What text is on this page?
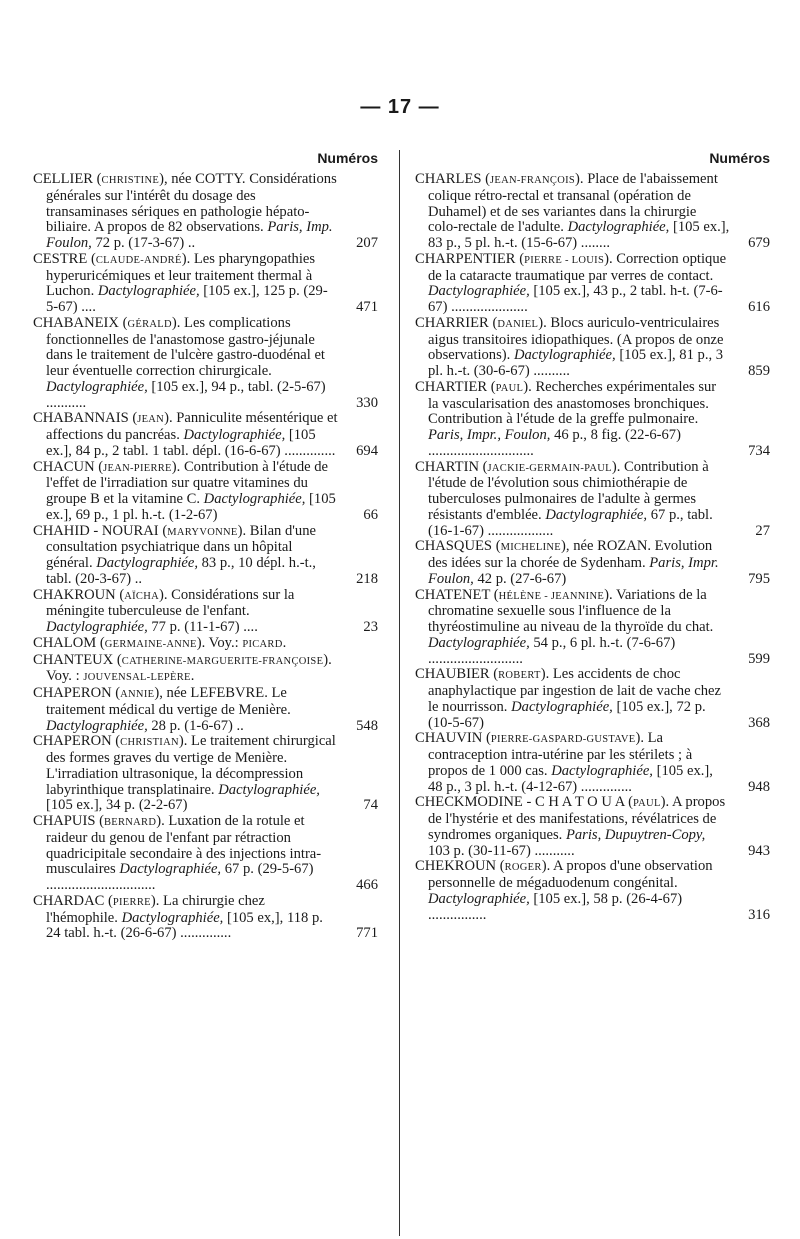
— 17 —
Numéros
CELLIER (CHRISTINE), née COTTY. Considérations générales sur l'intérêt du dosage des transaminases sériques en pathologie hépato-biliaire. A propos de 82 observations. Paris, Imp. Foulon, 72 p. (17-3-67) ..	207
CESTRE (CLAUDE-ANDRÉ). Les pharyngopathies hyperuricémiques et leur traitement thermal à Luchon. Dactylographiée, [105 ex.], 125 p. (29-5-67) ....	471
CHABANEIX (GÉRALD). Les complications fonctionnelles de l'anastomose gastro-jéjunale dans le traitement de l'ulcère gastro-duodénal et leur éventuelle correction chirurgicale. Dactylographiée, [105 ex.], 94 p., tabl. (2-5-67) ...........	330
CHABANNAIS (JEAN). Panniculite mésentérique et affections du pancréas. Dactylographiée, [105 ex.], 84 p., 2 tabl. 1 tabl. dépl. (16-6-67) ..............	694
CHACUN (JEAN-PIERRE). Contribution à l'étude de l'effet de l'irradiation sur quatre vitamines du groupe B et la vitamine C. Dactylographiée, [105 ex.], 69 p., 1 pl. h.-t. (1-2-67)	66
CHAHID - NOURAI (MARYVONNE). Bilan d'une consultation psychiatrique dans un hôpital général. Dactylographiée, 83 p., 10 dépl. h.-t., tabl. (20-3-67) ..	218
CHAKROUN (AÏCHA). Considérations sur la méningite tuberculeuse de l'enfant. Dactylographiée, 77 p. (11-1-67) ....	23
CHALOM (GERMAINE-ANNE). Voy.: PICARD.
CHANTEUX (CATHERINE-MARGUERITE-FRANÇOISE). Voy. : JOUVENSAL-LEPÈRE.
CHAPERON (ANNIE), née LEFEBVRE. Le traitement médical du vertige de Menière. Dactylographiée, 28 p. (1-6-67) ..	548
CHAPERON (CHRISTIAN). Le traitement chirurgical des formes graves du vertige de Menière. L'irradiation ultrasonique, la décompression labyrinthique transplatinaire. Dactylographiée, [105 ex.], 34 p. (2-2-67)	74
CHAPUIS (BERNARD). Luxation de la rotule et raideur du genou de l'enfant par rétraction quadricipitale secondaire à des injections intra-musculaires Dactylographiée, 67 p. (29-5-67) ..............................	466
CHARDAC (PIERRE). La chirurgie chez l'hémophile. Dactylographiée, [105 ex,], 118 p. 24 tabl. h.-t. (26-6-67) ..............	771
Numéros
CHARLES (JEAN-FRANÇOIS). Place de l'abaissement colique rétro-rectal et transanal (opération de Duhamel) et de ses variantes dans la chirurgie colo-rectale de l'adulte. Dactylographiée, [105 ex.], 83 p., 5 pl. h.-t. (15-6-67) ........	679
CHARPENTIER (PIERRE - LOUIS). Correction optique de la cataracte traumatique par verres de contact. Dactylographiée, [105 ex.], 43 p., 2 tabl. h-t. (7-6-67) .....................	616
CHARRIER (DANIEL). Blocs auriculo-ventriculaires aigus transitoires idiopathiques. (A propos de onze observations). Dactylographiée, [105 ex.], 81 p., 3 pl. h.-t. (30-6-67) ..........	859
CHARTIER (PAUL). Recherches expérimentales sur la vascularisation des anastomoses bronchiques. Contribution à l'étude de la greffe pulmonaire. Paris, Impr., Foulon, 46 p., 8 fig. (22-6-67) .............................	734
CHARTIN (JACKIE-GERMAIN-PAUL). Contribution à l'étude de l'évolution sous chimiothérapie de tuberculoses pulmonaires de l'adulte à germes résistants d'emblée. Dactylographiée, 67 p., tabl. (16-1-67) ..................	27
CHASQUES (MICHELINE), née ROZAN. Evolution des idées sur la chorée de Sydenham. Paris, Impr. Foulon, 42 p. (27-6-67)	795
CHATENET (HÉLÈNE - JEANNINE). Variations de la chromatine sexuelle sous l'influence de la thyréostimuline au niveau de la thyroïde du chat. Dactylographiée, 54 p., 6 pl. h.-t. (7-6-67) ..........................	599
CHAUBIER (ROBERT). Les accidents de choc anaphylactique par ingestion de lait de vache chez le nourrisson. Dactylographiée, [105 ex.], 72 p. (10-5-67)	368
CHAUVIN (PIERRE-GASPARD-GUSTAVE). La contraception intra-utérine par les stérilets ; à propos de 1 000 cas. Dactylographiée, [105 ex.], 48 p., 3 pl. h.-t. (4-12-67) ..............	948
CHECKMODINE - C H A T O U A (PAUL). A propos de l'hystérie et des manifestations, révélatrices de syndromes organiques. Paris, Dupuytren-Copy, 103 p. (30-11-67) ...........	943
CHEKROUN (ROGER). A propos d'une observation personnelle de mégaduodenum congénital. Dactylographiée, [105 ex.], 58 p. (26-4-67) ................	316
